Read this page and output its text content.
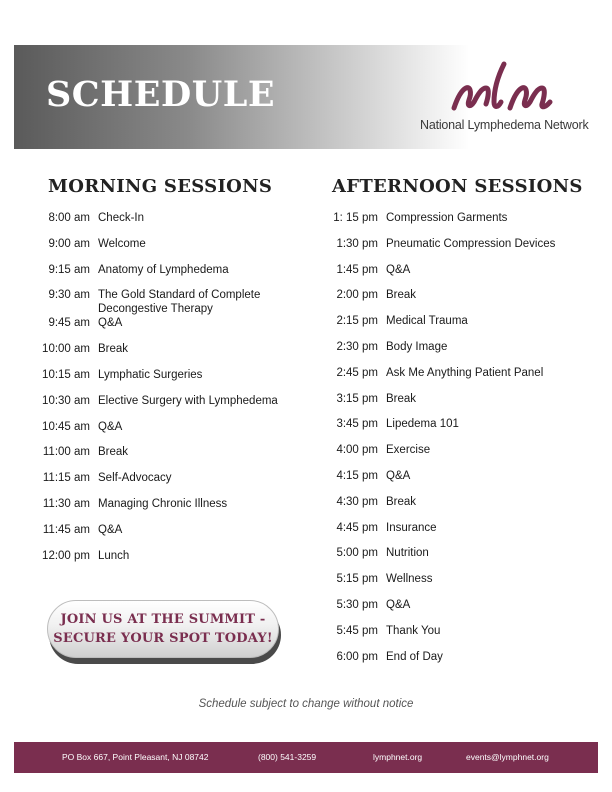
SCHEDULE
National Lymphedema Network
MORNING SESSIONS	AFTERNOON SESSIONS
8:00 am Check-In
9:00 am Welcome
9:15 am Anatomy of Lymphedema
9:30 am The Gold Standard of Complete Decongestive Therapy
9:45 am Q&A
10:00 am Break
10:15 am Lymphatic Surgeries
10:30 am Elective Surgery with Lymphedema
10:45 am Q&A
11:00 am Break
11:15 am Self-Advocacy
11:30 am Managing Chronic Illness
11:45 am Q&A
12:00 pm Lunch
1: 15 pm Compression Garments
1:30 pm Pneumatic Compression Devices
1:45 pm Q&A
2:00 pm Break
2:15 pm Medical Trauma
2:30 pm Body Image
2:45 pm Ask Me Anything Patient Panel
3:15 pm Break
3:45 pm Lipedema 101
4:00 pm Exercise
4:15 pm Q&A
4:30 pm Break
4:45 pm Insurance
5:00 pm Nutrition
5:15 pm Wellness
5:30 pm Q&A
5:45 pm Thank You
6:00 pm End of Day
JOIN US AT THE SUMMIT -
SECURE YOUR SPOT TODAY!

Schedule subject to change without notice

PO Box 667, Point Pleasant, NJ 08742	(800) 541-3259	lymphnet.org	events@lymphnet.org
